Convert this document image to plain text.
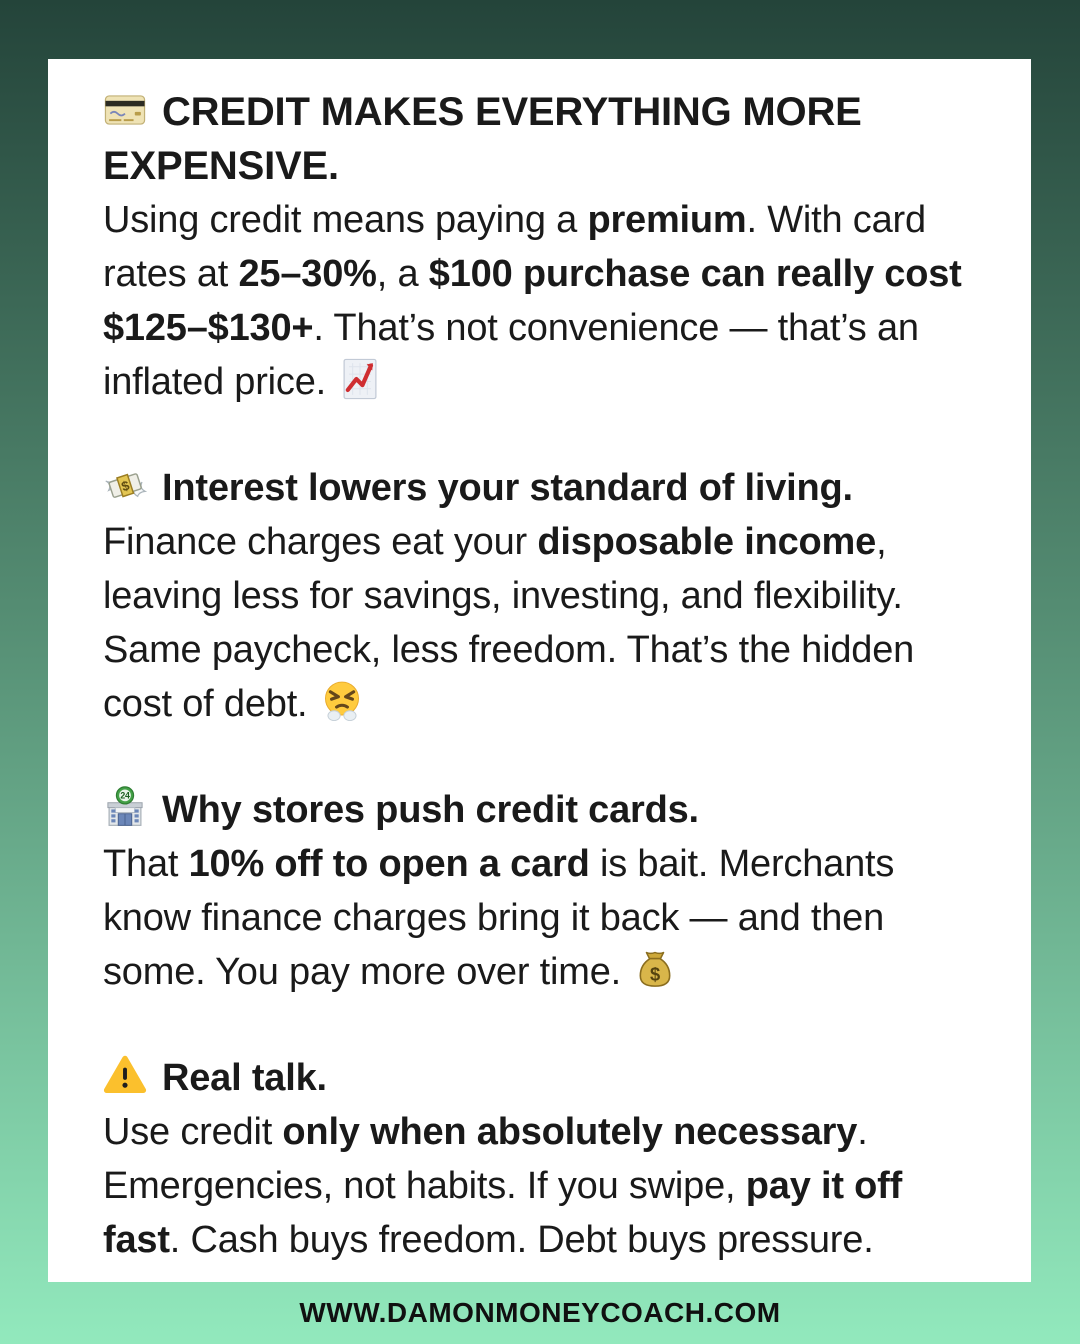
CREDIT MAKES EVERYTHING MORE EXPENSIVE.

Using credit means paying a premium. With card rates at 25–30%, a $100 purchase can really cost $125–$130+. That’s not convenience — that’s an inflated price.

$ Interest lowers your standard of living.

Finance charges eat your disposable income, leaving less for savings, investing, and flexibility. Same paycheck, less freedom. That’s the hidden cost of debt.

24 Why stores push credit cards.

That 10% off to open a card is bait. Merchants know finance charges bring it back — and then some. You pay more over time. $

Real talk.

Use credit only when absolutely necessary. Emergencies, not habits. If you swipe, pay it off fast. Cash buys freedom. Debt buys pressure.

WWW.DAMONMONEYCOACH.COM
